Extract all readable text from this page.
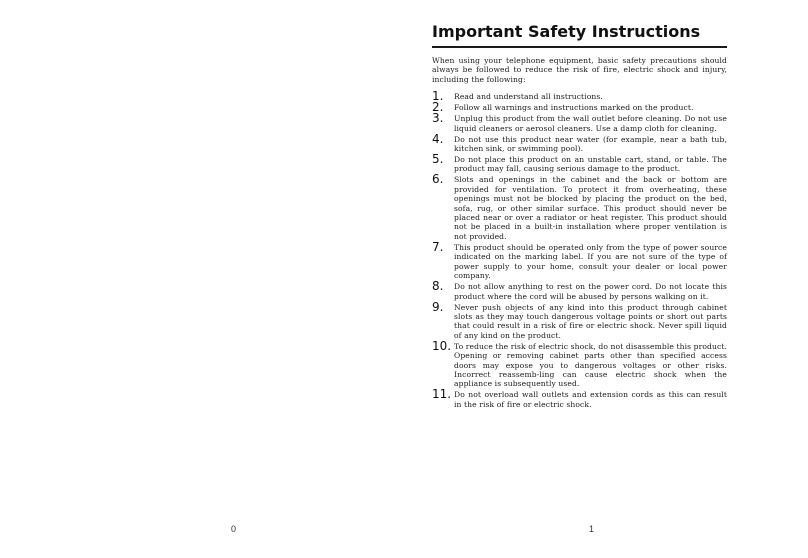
Important Safety Instructions

When using your telephone equipment, basic safety precautions should always be followed to reduce the risk of fire, electric shock and injury, including the following:

1. Read and understand all instructions.
2. Follow all warnings and instructions marked on the product.
3. Unplug this product from the wall outlet before cleaning. Do not use liquid cleaners or aerosol cleaners. Use a damp cloth for cleaning.
4. Do not use this product near water (for example, near a bath tub, kitchen sink, or swimming pool).
5. Do not place this product on an unstable cart, stand, or table. The product may fall, causing serious damage to the product.
6. Slots and openings in the cabinet and the back or bottom are provided for ventilation. To protect it from overheating, these openings must not be blocked by placing the product on the bed, sofa, rug, or other similar surface. This product should never be placed near or over a radiator or heat register. This product should not be placed in a built-in installation where proper ventilation is not provided.
7. This product should be operated only from the type of power source indicated on the marking label. If you are not sure of the type of power supply to your home, consult your dealer or local power company.
8. Do not allow anything to rest on the power cord. Do not locate this product where the cord will be abused by persons walking on it.
9. Never push objects of any kind into this product through cabinet slots as they may touch dangerous voltage points or short out parts that could result in a risk of fire or electric shock. Never spill liquid of any kind on the product.
10. To reduce the risk of electric shock, do not disassemble this product. Opening or removing cabinet parts other than specified access doors may expose you to dangerous voltages or other risks. Incorrect reassemb-ling can cause electric shock when the appliance is subsequently used.
11. Do not overload wall outlets and extension cords as this can result in the risk of fire or electric shock.
0	1
